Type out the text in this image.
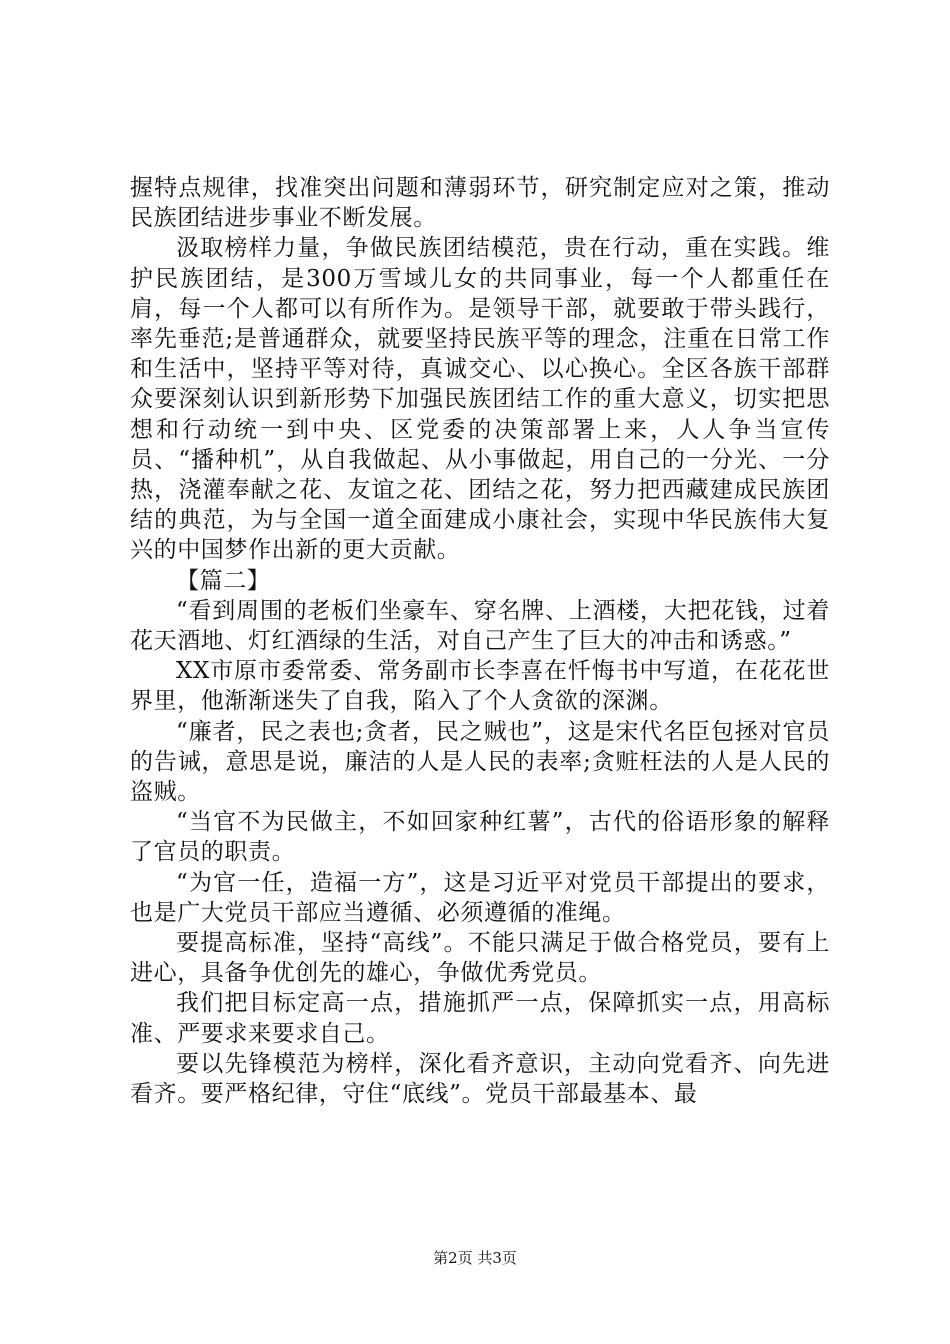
握特点规律，找准突出问题和薄弱环节，研究制定应对之策，推动民族团结进步事业不断发展。

汲取榜样力量，争做民族团结模范，贵在行动，重在实践。维护民族团结，是300万雪域儿女的共同事业，每一个人都重任在肩，每一个人都可以有所作为。是领导干部，就要敢于带头践行，率先垂范;是普通群众，就要坚持民族平等的理念，注重在日常工作和生活中，坚持平等对待，真诚交心、以心换心。全区各族干部群众要深刻认识到新形势下加强民族团结工作的重大意义，切实把思想和行动统一到中央、区党委的决策部署上来，人人争当宣传员、“播种机”，从自我做起、从小事做起，用自己的一分光、一分热，浇灌奉献之花、友谊之花、团结之花，努力把西藏建成民族团结的典范，为与全国一道全面建成小康社会，实现中华民族伟大复兴的中国梦作出新的更大贡献。

【篇二】

“看到周围的老板们坐豪车、穿名牌、上酒楼，大把花钱，过着花天酒地、灯红酒绿的生活，对自己产生了巨大的冲击和诱惑。”

XX市原市委常委、常务副市长李喜在忏悔书中写道，在花花世界里，他渐渐迷失了自我，陷入了个人贪欲的深渊。

“廉者，民之表也;贪者，民之贼也”，这是宋代名臣包拯对官员的告诫，意思是说，廉洁的人是人民的表率;贪赃枉法的人是人民的盗贼。

“当官不为民做主，不如回家种红薯”，古代的俗语形象的解释了官员的职责。

“为官一任，造福一方”，这是习近平对党员干部提出的要求，也是广大党员干部应当遵循、必须遵循的准绳。

要提高标准，坚持“高线”。不能只满足于做合格党员，要有上进心，具备争优创先的雄心，争做优秀党员。

我们把目标定高一点，措施抓严一点，保障抓实一点，用高标准、严要求来要求自己。

要以先锋模范为榜样，深化看齐意识，主动向党看齐、向先进看齐。要严格纪律，守住“底线”。党员干部最基本、最

第2页 共3页
